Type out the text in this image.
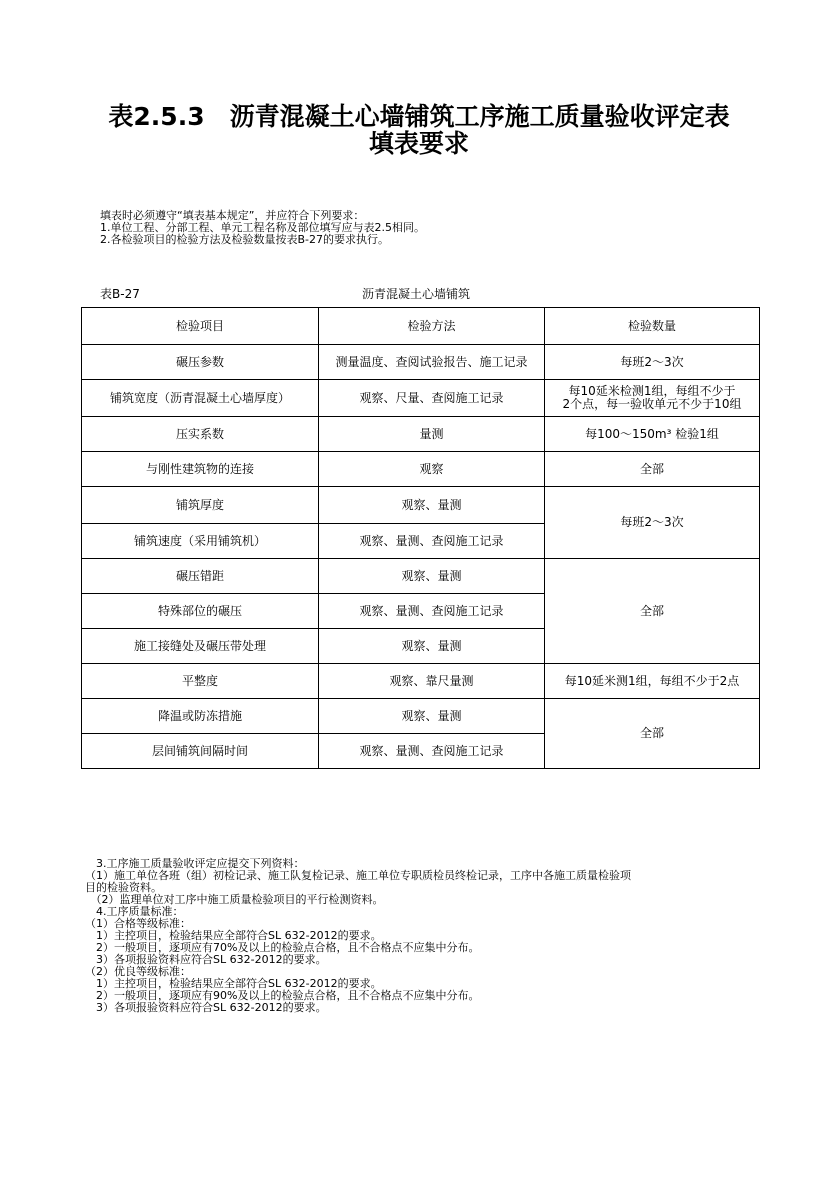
表2.5.3　沥青混凝土心墙铺筑工序施工质量验收评定表
填表要求
填表时必须遵守“填表基本规定”，并应符合下列要求：
1.单位工程、分部工程、单元工程名称及部位填写应与表2.5相同。
2.各检验项目的检验方法及检验数量按表B-27的要求执行。
表B-27	沥青混凝土心墙铺筑
检验项目	检验方法	检验数量
碾压参数	测量温度、查阅试验报告、施工记录	每班2～3次
铺筑宽度（沥青混凝土心墙厚度）	观察、尺量、查阅施工记录	每10延米检测1组，每组不少于
2个点，每一验收单元不少于10组

压实系数	量测	每100～150m³ 检验1组
与刚性建筑物的连接	观察	全部
铺筑厚度	观察、量测	每班2～3次
铺筑速度（采用铺筑机）	观察、量测、查阅施工记录	
碾压错距	观察、量测	全部
特殊部位的碾压	观察、量测、查阅施工记录	
施工接缝处及碾压带处理	观察、量测	
平整度	观察、靠尺量测	每10延米测1组，每组不少于2点
降温或防冻措施	观察、量测	全部
层间铺筑间隔时间	观察、量测、查阅施工记录	
　3.工序施工质量验收评定应提交下列资料：
（1）施工单位各班（组）初检记录、施工队复检记录、施工单位专职质检员终检记录，工序中各施工质量检验项
目的检验资料。
　（2）监理单位对工序中施工质量检验项目的平行检测资料。
　4.工序质量标准：
（1）合格等级标准：
　1）主控项目，检验结果应全部符合SL 632-2012的要求。
　2）一般项目，逐项应有70%及以上的检验点合格，且不合格点不应集中分布。
　3）各项报验资料应符合SL 632-2012的要求。
（2）优良等级标准：
　1）主控项目，检验结果应全部符合SL 632-2012的要求。
　2）一般项目，逐项应有90%及以上的检验点合格，且不合格点不应集中分布。
　3）各项报验资料应符合SL 632-2012的要求。
